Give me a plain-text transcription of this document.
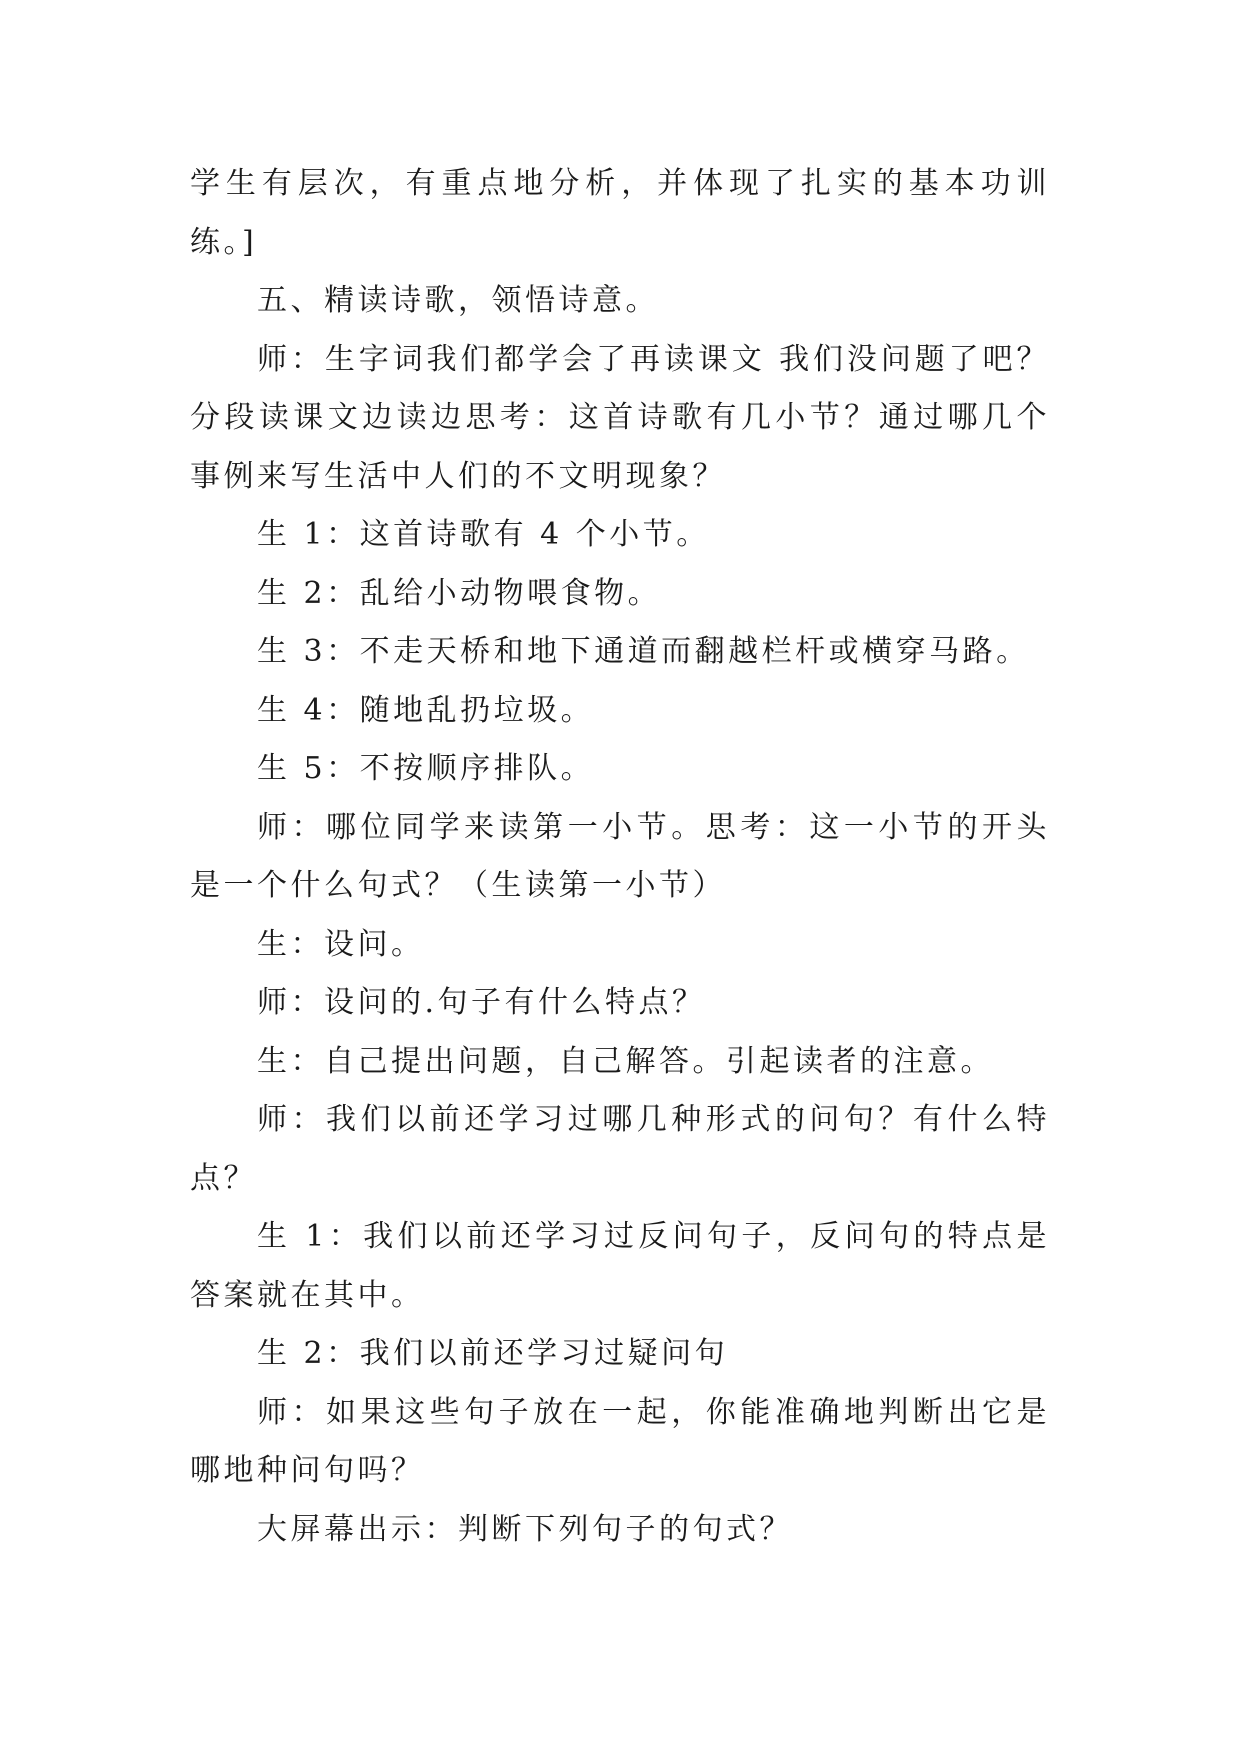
学生有层次，有重点地分析，并体现了扎实的基本功训练。]

五、精读诗歌，领悟诗意。

师：生字词我们都学会了再读课文 我们没问题了吧？分段读课文边读边思考：这首诗歌有几小节？通过哪几个事例来写生活中人们的不文明现象？

生 1：这首诗歌有 4 个小节。

生 2：乱给小动物喂食物。

生 3：不走天桥和地下通道而翻越栏杆或横穿马路。

生 4：随地乱扔垃圾。

生 5：不按顺序排队。

师：哪位同学来读第一小节。思考：这一小节的开头是一个什么句式？（生读第一小节）

生：设问。

师：设问的.句子有什么特点？

生：自己提出问题，自己解答。引起读者的注意。

师：我们以前还学习过哪几种形式的问句？有什么特点？

生 1：我们以前还学习过反问句子，反问句的特点是答案就在其中。

生 2：我们以前还学习过疑问句

师：如果这些句子放在一起，你能准确地判断出它是哪地种问句吗？

大屏幕出示：判断下列句子的句式？
